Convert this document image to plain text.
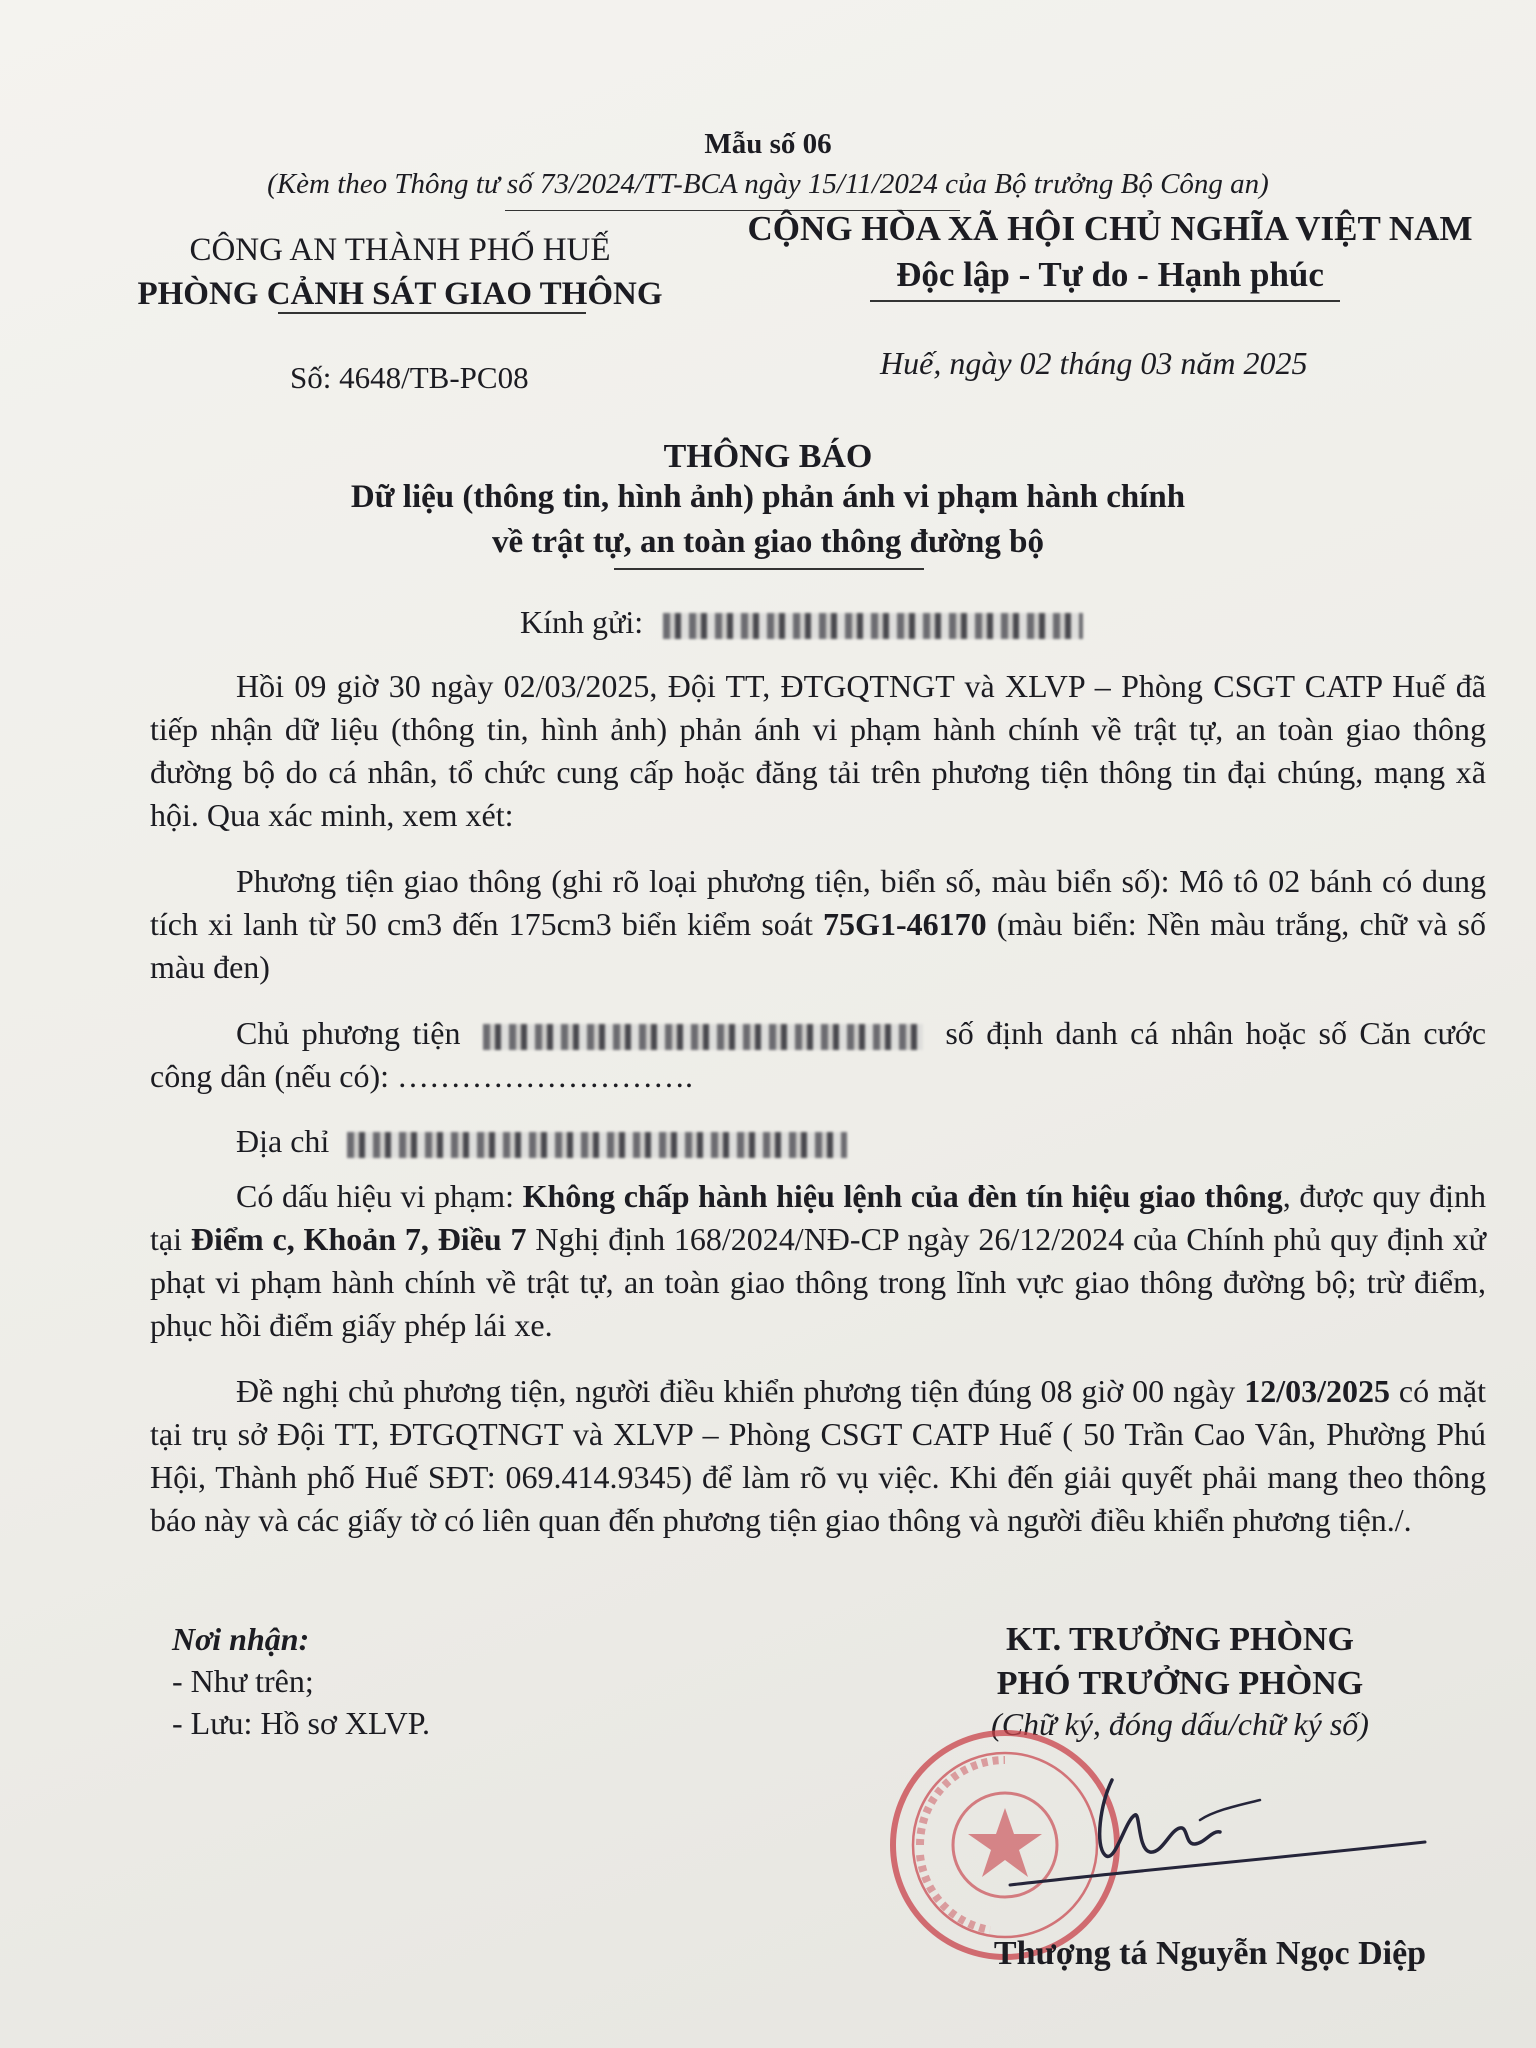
Mẫu số 06
(Kèm theo Thông tư số 73/2024/TT-BCA ngày 15/11/2024 của Bộ trưởng Bộ Công an)
CÔNG AN THÀNH PHỐ HUẾ
PHÒNG CẢNH SÁT GIAO THÔNG
CỘNG HÒA XÃ HỘI CHỦ NGHĨA VIỆT NAM
Độc lập - Tự do - Hạnh phúc
Số: 4648/TB-PC08	Huế, ngày 02 tháng 03 năm 2025
THÔNG BÁO
Dữ liệu (thông tin, hình ảnh) phản ánh vi phạm hành chính
về trật tự, an toàn giao thông đường bộ
Kính gửi:
Hồi 09 giờ 30 ngày 02/03/2025, Đội TT, ĐTGQTNGT và XLVP – Phòng CSGT CATP Huế đã tiếp nhận dữ liệu (thông tin, hình ảnh) phản ánh vi phạm hành chính về trật tự, an toàn giao thông đường bộ do cá nhân, tổ chức cung cấp hoặc đăng tải trên phương tiện thông tin đại chúng, mạng xã hội. Qua xác minh, xem xét:
Phương tiện giao thông (ghi rõ loại phương tiện, biển số, màu biển số): Mô tô 02 bánh có dung tích xi lanh từ 50 cm3 đến 175cm3 biển kiểm soát 75G1-46170 (màu biển: Nền màu trắng, chữ và số màu đen)
Chủ phương tiện	số định danh cá nhân hoặc số Căn cước công dân (nếu có): ……………………….
Địa chỉ
Có dấu hiệu vi phạm: Không chấp hành hiệu lệnh của đèn tín hiệu giao thông, được quy định tại Điểm c, Khoản 7, Điều 7 Nghị định 168/2024/NĐ-CP ngày 26/12/2024 của Chính phủ quy định xử phạt vi phạm hành chính về trật tự, an toàn giao thông trong lĩnh vực giao thông đường bộ; trừ điểm, phục hồi điểm giấy phép lái xe.
Đề nghị chủ phương tiện, người điều khiển phương tiện đúng 08 giờ 00 ngày 12/03/2025 có mặt tại trụ sở Đội TT, ĐTGQTNGT và XLVP – Phòng CSGT CATP Huế ( 50 Trần Cao Vân, Phường Phú Hội, Thành phố Huế SĐT: 069.414.9345) để làm rõ vụ việc. Khi đến giải quyết phải mang theo thông báo này và các giấy tờ có liên quan đến phương tiện giao thông và người điều khiển phương tiện./.
Nơi nhận:
- Như trên;
- Lưu: Hồ sơ XLVP.
KT. TRƯỞNG PHÒNG
PHÓ TRƯỞNG PHÒNG
(Chữ ký, đóng dấu/chữ ký số)
Thượng tá Nguyễn Ngọc Diệp
